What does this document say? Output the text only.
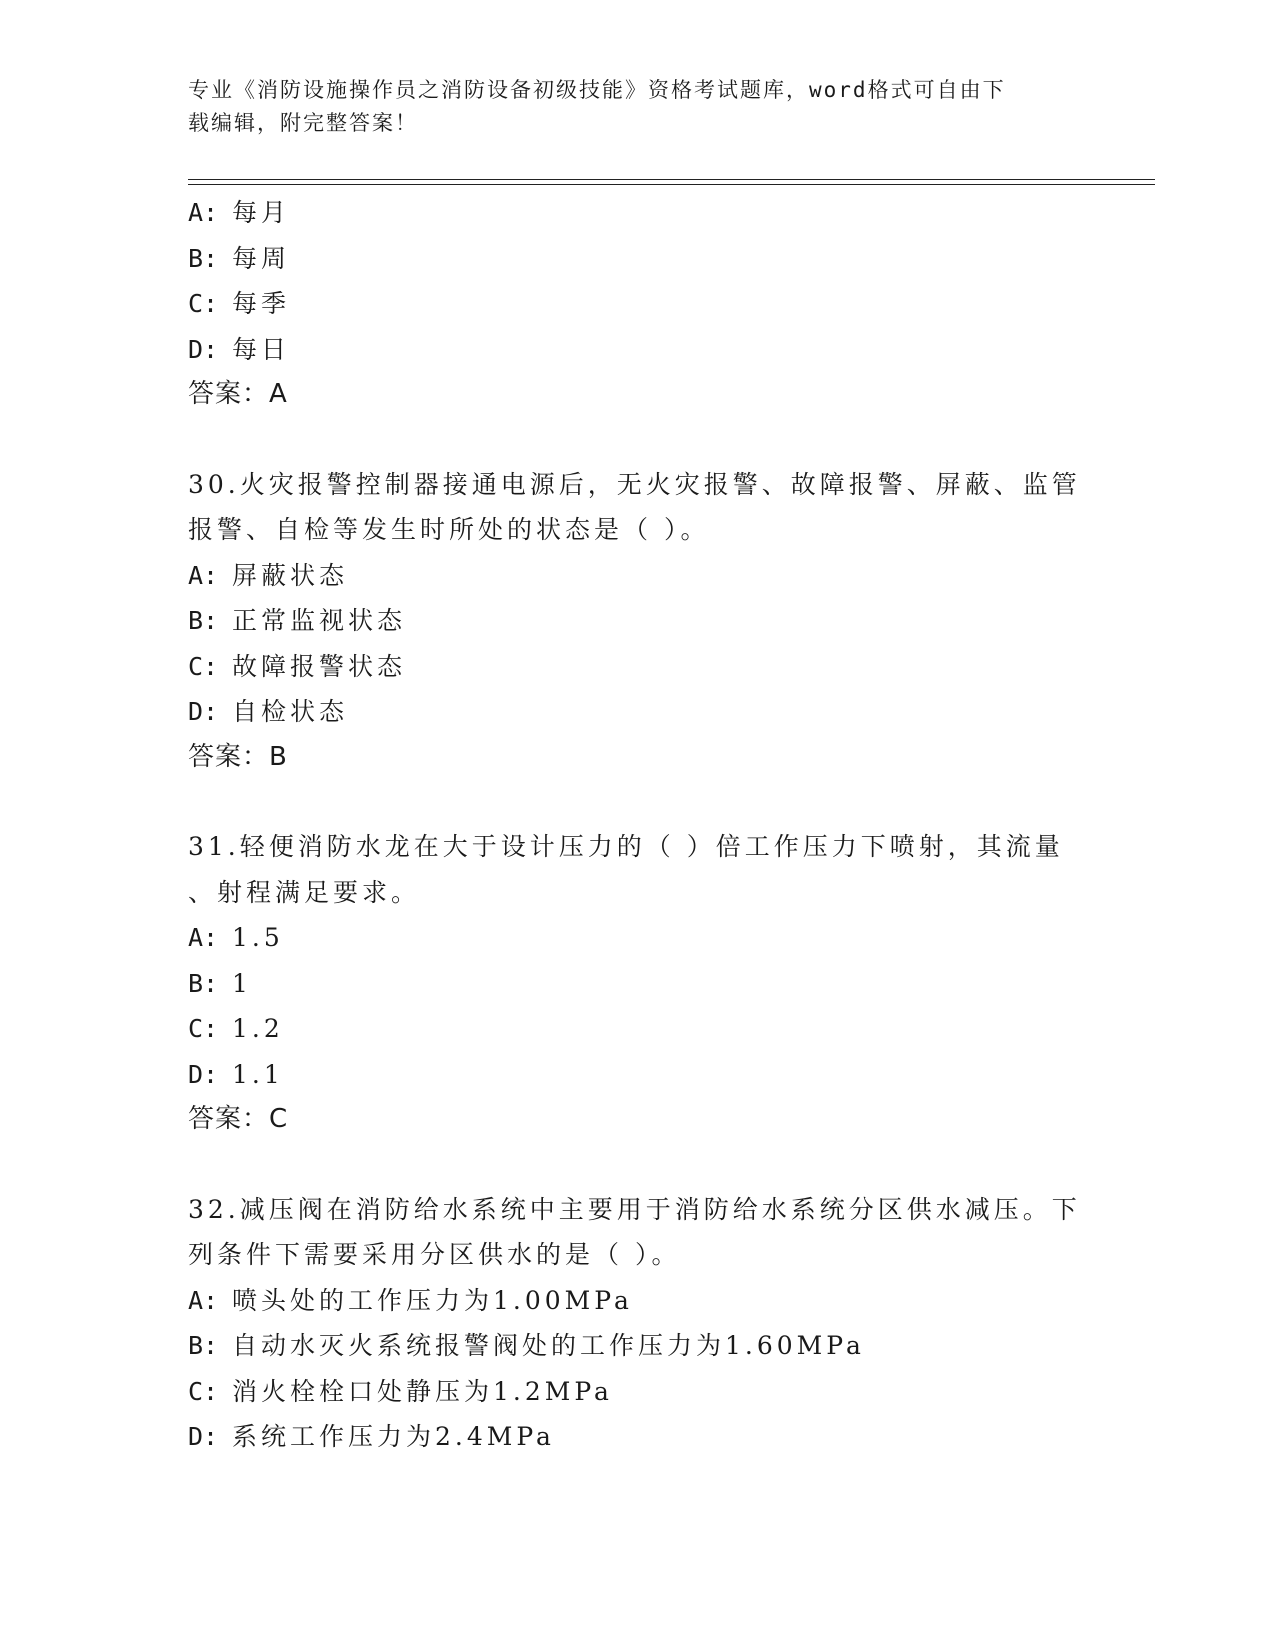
专业《消防设施操作员之消防设备初级技能》资格考试题库，word格式可自由下
载编辑，附完整答案！
A: 每月
B: 每周
C: 每季
D: 每日
答案：A
30.火灾报警控制器接通电源后，无火灾报警、故障报警、屏蔽、监管
报警、自检等发生时所处的状态是（ ）。
A: 屏蔽状态
B: 正常监视状态
C: 故障报警状态
D: 自检状态
答案：B
31.轻便消防水龙在大于设计压力的（ ）倍工作压力下喷射，其流量
、射程满足要求。
A: 1.5
B: 1
C: 1.2
D: 1.1
答案：C
32.减压阀在消防给水系统中主要用于消防给水系统分区供水减压。下
列条件下需要采用分区供水的是（ ）。
A: 喷头处的工作压力为1.00MPa
B: 自动水灭火系统报警阀处的工作压力为1.60MPa
C: 消火栓栓口处静压为1.2MPa
D: 系统工作压力为2.4MPa
